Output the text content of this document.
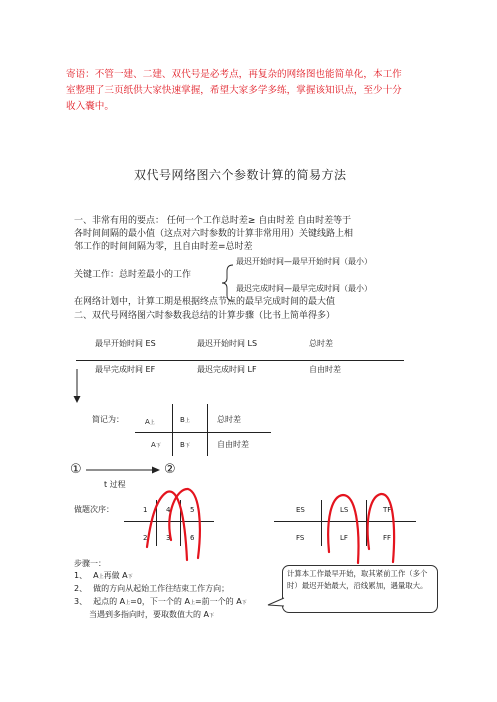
寄语：不管一建、二建、双代号是必考点，再复杂的网络图也能简单化，本工作室整理了三页纸供大家快速掌握，希望大家多学多练，掌握该知识点，至少十分收入囊中。
双代号网络图六个参数计算的简易方法
一、非常有用的要点： 任何一个工作总时差≥ 自由时差 自由时差等于
各时间间隔的最小值（这点对六时参数的计算非常用用）关键线路上相
邻工作的时间间隔为零，且自由时差=总时差
最迟开始时间—最早开始时间（最小）
关键工作：总时差最小的工作
最迟完成时间—最早完成时间（最小）
在网络计划中，计算工期是根据终点节点的最早完成时间的最大值
二、双代号网络图六时参数我总结的计算步骤（比书上简单得多）
最早开始时间 ES	最迟开始时间 LS	总时差
最早完成时间 EF	最迟完成时间 LF	自由时差
简记为：	A上	B上	总时差
A下	B下	自由时差
①	②
t 过程
做题次序：	1	4	5
2	3	6
ES	LS	TF
FS	LF	FF
步骤一：
1、 A上再做 A下
2、 做的方向从起始工作往结束工作方向；
3、 起点的 A上=0，下一个的 A上=前一个的 A下
当遇到多指向时，要取数值大的 A下
计算本工作最早开始，取其紧前工作（多个时）最迟开始最大，沿线累加，遇量取大。
